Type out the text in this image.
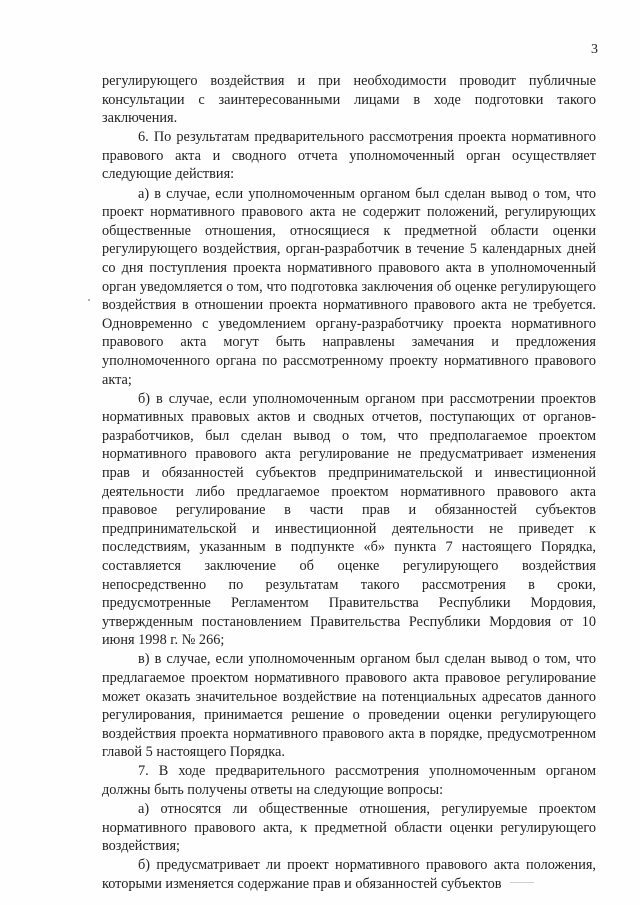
3

регулирующего воздействия и при необходимости проводит публичные консультации с заинтересованными лицами в ходе подготовки такого заключения.

6. По результатам предварительного рассмотрения проекта нормативного правового акта и сводного отчета уполномоченный орган осуществляет следующие действия:

а) в случае, если уполномоченным органом был сделан вывод о том, что проект нормативного правового акта не содержит положений, регулирующих общественные отношения, относящиеся к предметной области оценки регулирующего воздействия, орган-разработчик в течение 5 календарных дней со дня поступления проекта нормативного правового акта в уполномоченный орган уведомляется о том, что подготовка заключения об оценке регулирующего воздействия в отношении проекта нормативного правового акта не требуется. Одновременно с уведомлением органу-разработчику проекта нормативного правового акта могут быть направлены замечания и предложения уполномоченного органа по рассмотренному проекту нормативного правового акта;

б) в случае, если уполномоченным органом при рассмотрении проектов нормативных правовых актов и сводных отчетов, поступающих от органов-разработчиков, был сделан вывод о том, что предполагаемое проектом нормативного правового акта регулирование не предусматривает изменения прав и обязанностей субъектов предпринимательской и инвестиционной деятельности либо предлагаемое проектом нормативного правового акта правовое регулирование в части прав и обязанностей субъектов предпринимательской и инвестиционной деятельности не приведет к последствиям, указанным в подпункте «б» пункта 7 настоящего Порядка, составляется заключение об оценке регулирующего воздействия непосредственно по результатам такого рассмотрения в сроки, предусмотренные Регламентом Правительства Республики Мордовия, утвержденным постановлением Правительства Республики Мордовия от 10 июня 1998 г. № 266;

в) в случае, если уполномоченным органом был сделан вывод о том, что предлагаемое проектом нормативного правового акта правовое регулирование может оказать значительное воздействие на потенциальных адресатов данного регулирования, принимается решение о проведении оценки регулирующего воздействия проекта нормативного правового акта в порядке, предусмотренном главой 5 настоящего Порядка.

7. В ходе предварительного рассмотрения уполномоченным органом должны быть получены ответы на следующие вопросы:

а) относятся ли общественные отношения, регулируемые проектом нормативного правового акта, к предметной области оценки регулирующего воздействия;

б) предусматривает ли проект нормативного правового акта положения, которыми изменяется содержание прав и обязанностей субъектов
